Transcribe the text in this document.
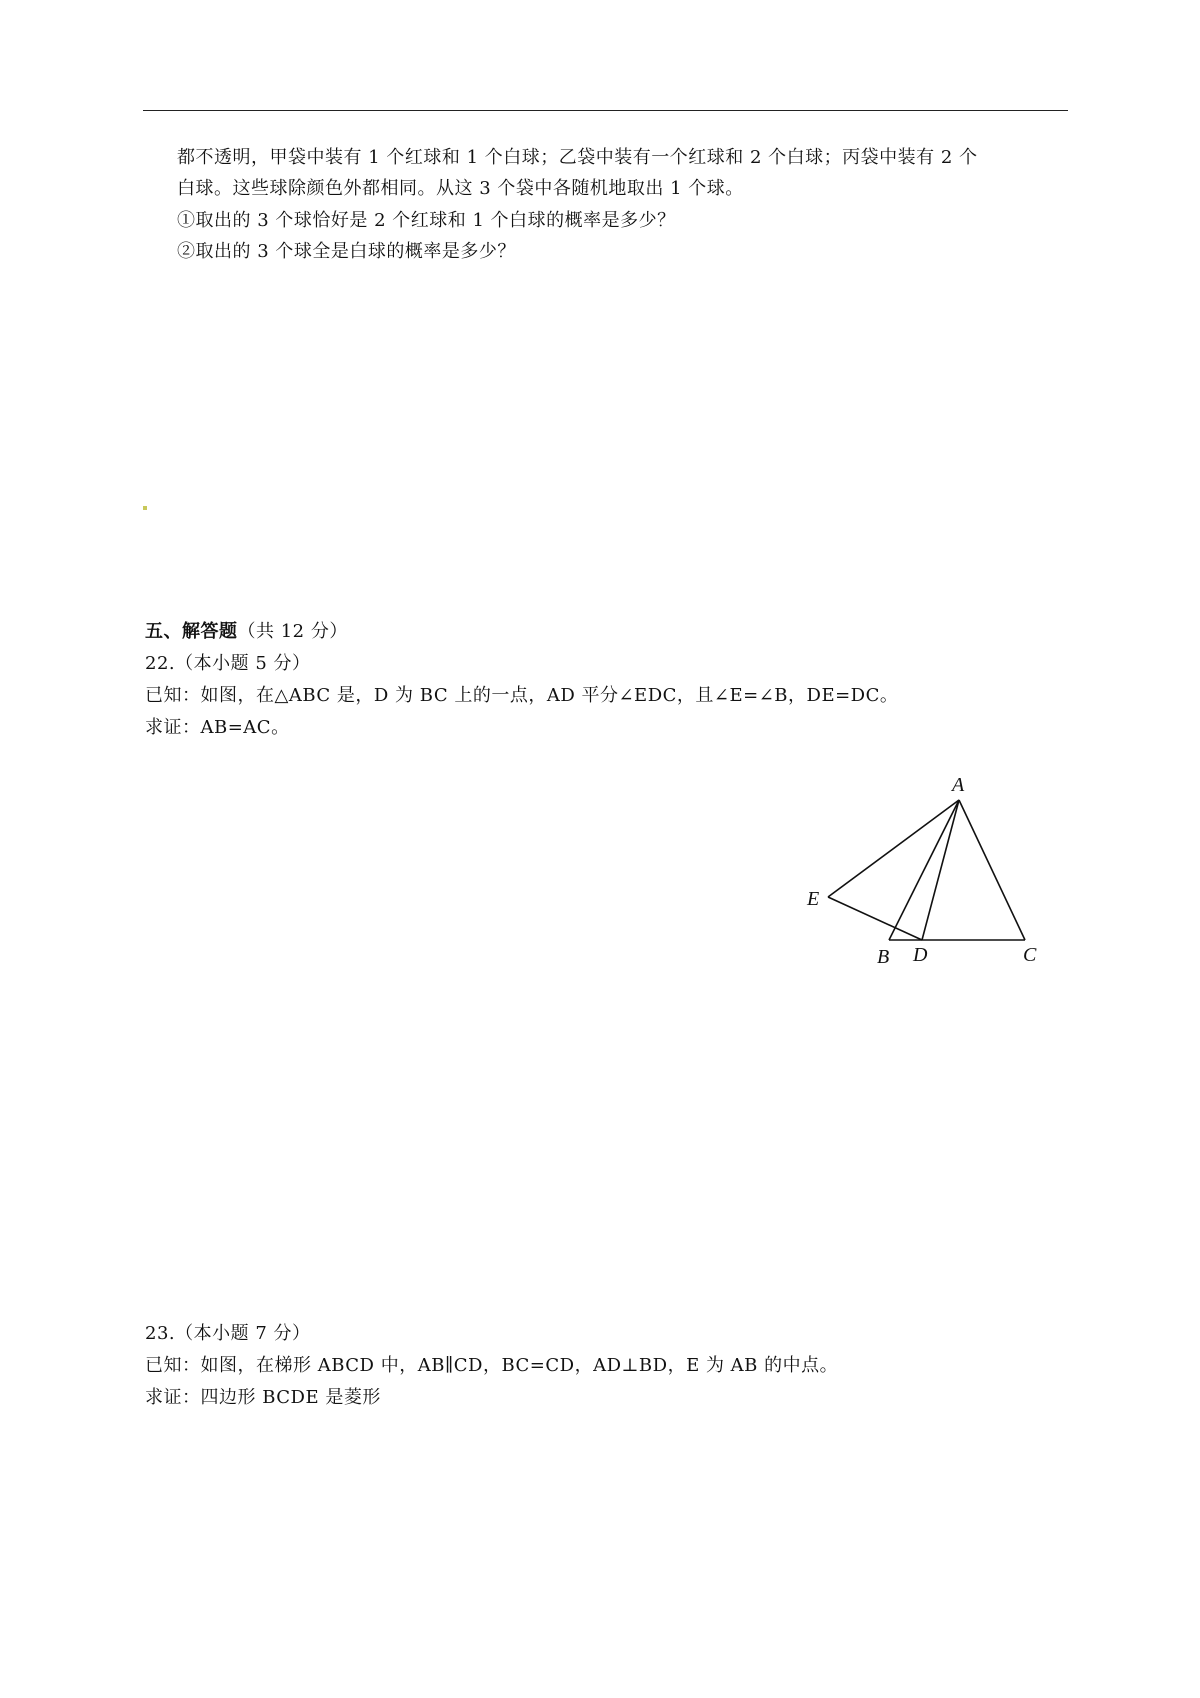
都不透明，甲袋中装有 1 个红球和 1 个白球；乙袋中装有一个红球和 2 个白球；丙袋中装有 2 个
白球。这些球除颜色外都相同。从这 3 个袋中各随机地取出 1 个球。
①取出的 3 个球恰好是 2 个红球和 1 个白球的概率是多少？
②取出的 3 个球全是白球的概率是多少？
五、解答题（共 12 分）
22.（本小题 5 分）
已知：如图，在△ABC 是，D 为 BC 上的一点，AD 平分∠EDC，且∠E=∠B，DE=DC。
求证：AB=AC。
A
E
B D	C
23.（本小题 7 分）
已知：如图，在梯形 ABCD 中，AB∥CD，BC=CD，AD⊥BD，E 为 AB 的中点。
求证：四边形 BCDE 是菱形
